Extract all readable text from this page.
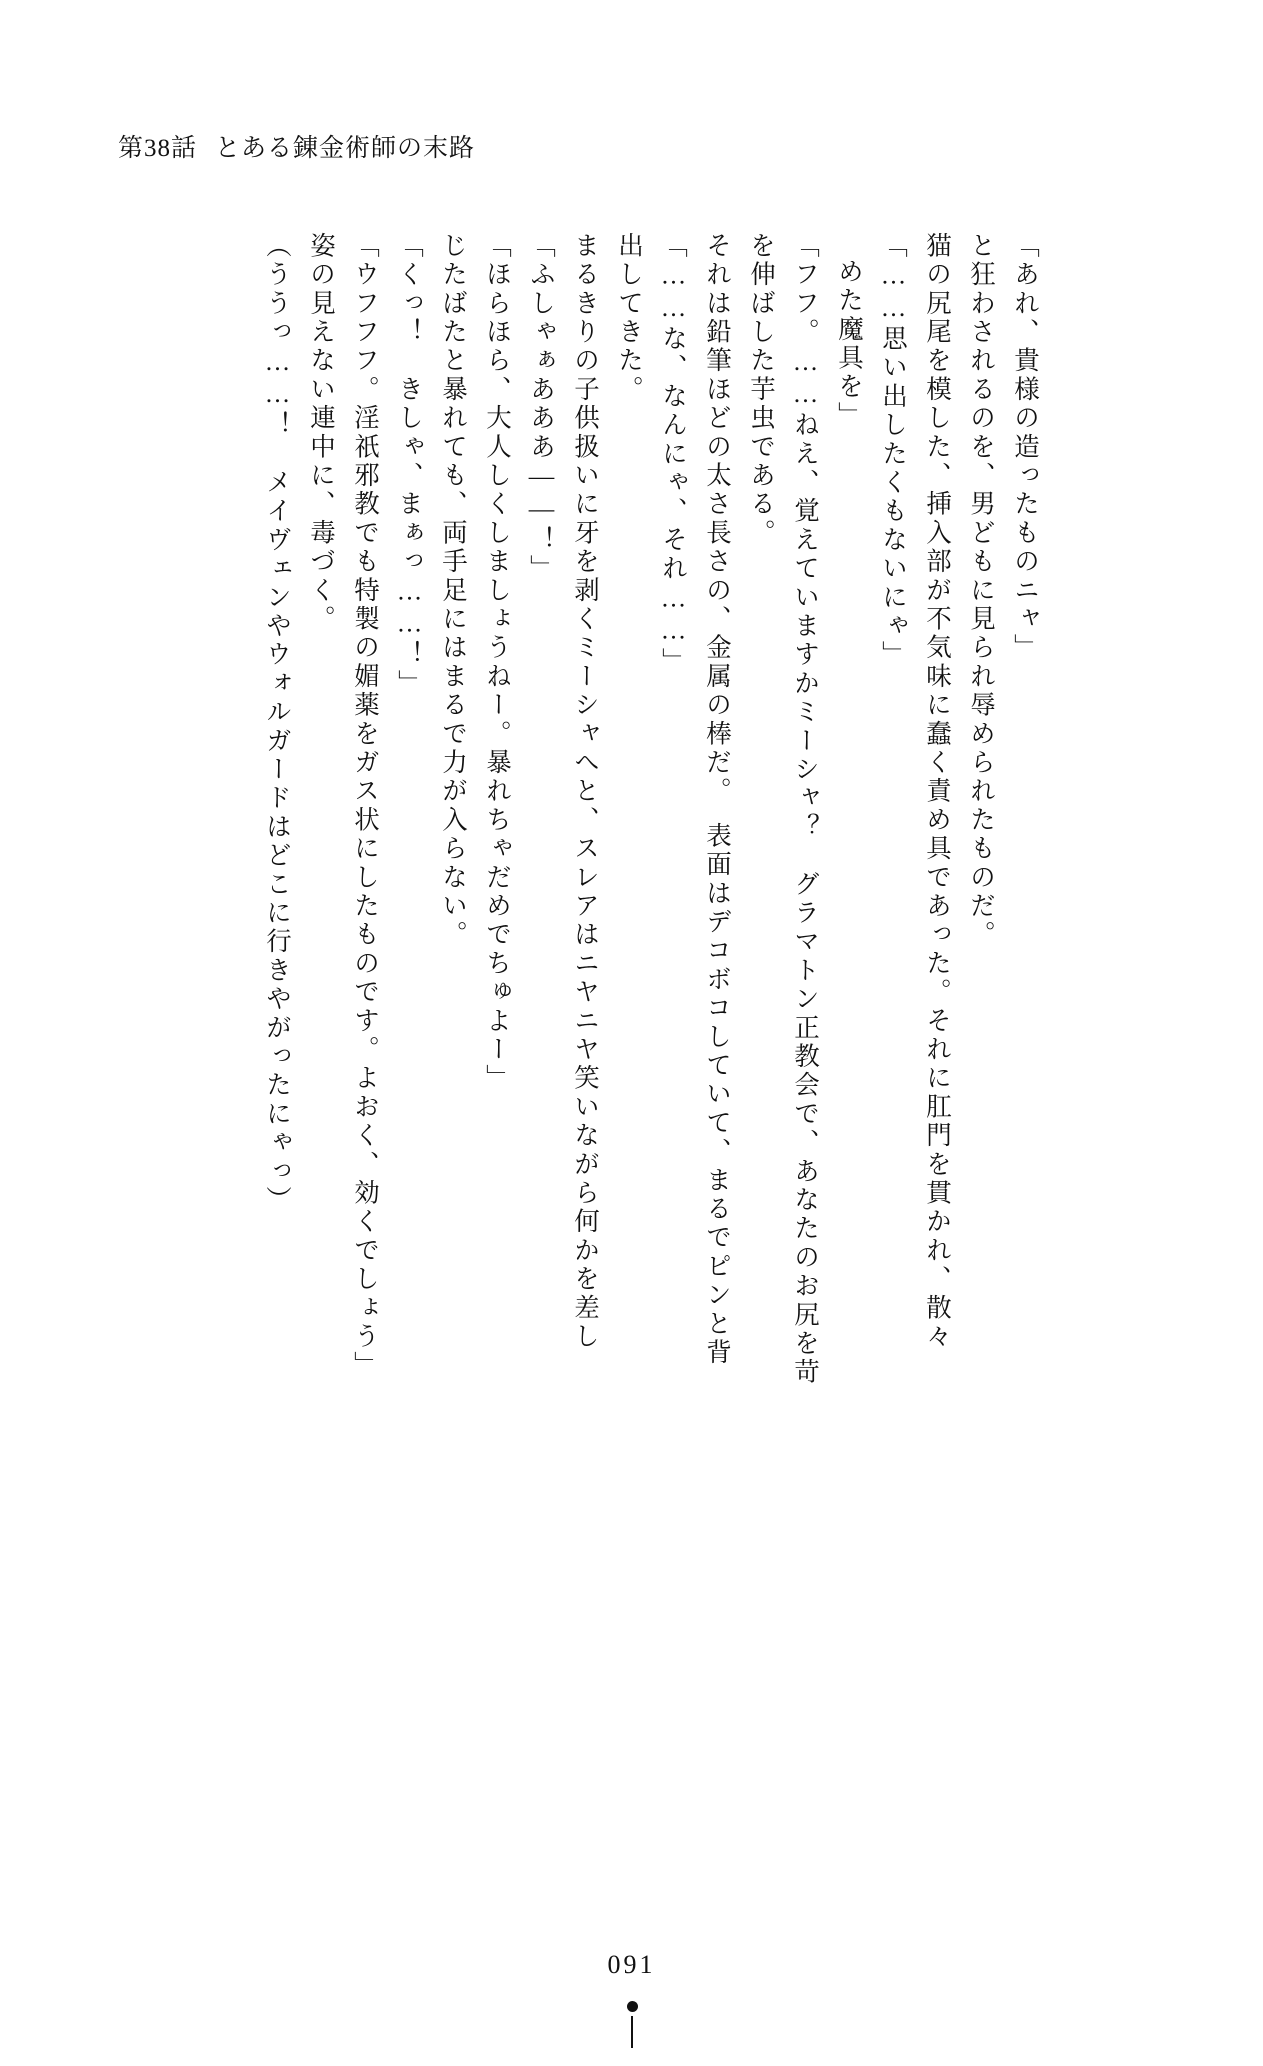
第38話 とある錬金術師の末路
（ううっ……！　メイヴェンやウォルガードはどこに行きやがったにゃっ） 姿の見えない連中に、毒づく。 「ウフフフ。淫祇邪教でも特製の媚薬をガス状にしたものです。よおく、効くでしょう」 「くっ！　きしゃ、まぁっ……！」 じたばたと暴れても、両手足にはまるで力が入らない。 「ほらほら、大人しくしましょうねー。暴れちゃだめでちゅよー」 「ふしゃぁあああ——！」 まるきりの子供扱いに牙を剥くミーシャへと、スレアはニヤニヤ笑いながら何かを差し 出してきた。 「……な、なんにゃ、それ……」 それは鉛筆ほどの太さ長さの、金属の棒だ。　表面はデコボコしていて、まるでピンと背 を伸ばした芋虫である。 「フフ。……ねえ、覚えていますかミーシャ？　グラマトン正教会で、あなたのお尻を苛 めた魔具を」 「……思い出したくもないにゃ」 猫の尻尾を模した、挿入部が不気味に蠢く責め具であった。それに肛門を貫かれ、散々 と狂わされるのを、男どもに見られ辱められたものだ。 「あれ、貴様の造ったものニャ」
091
